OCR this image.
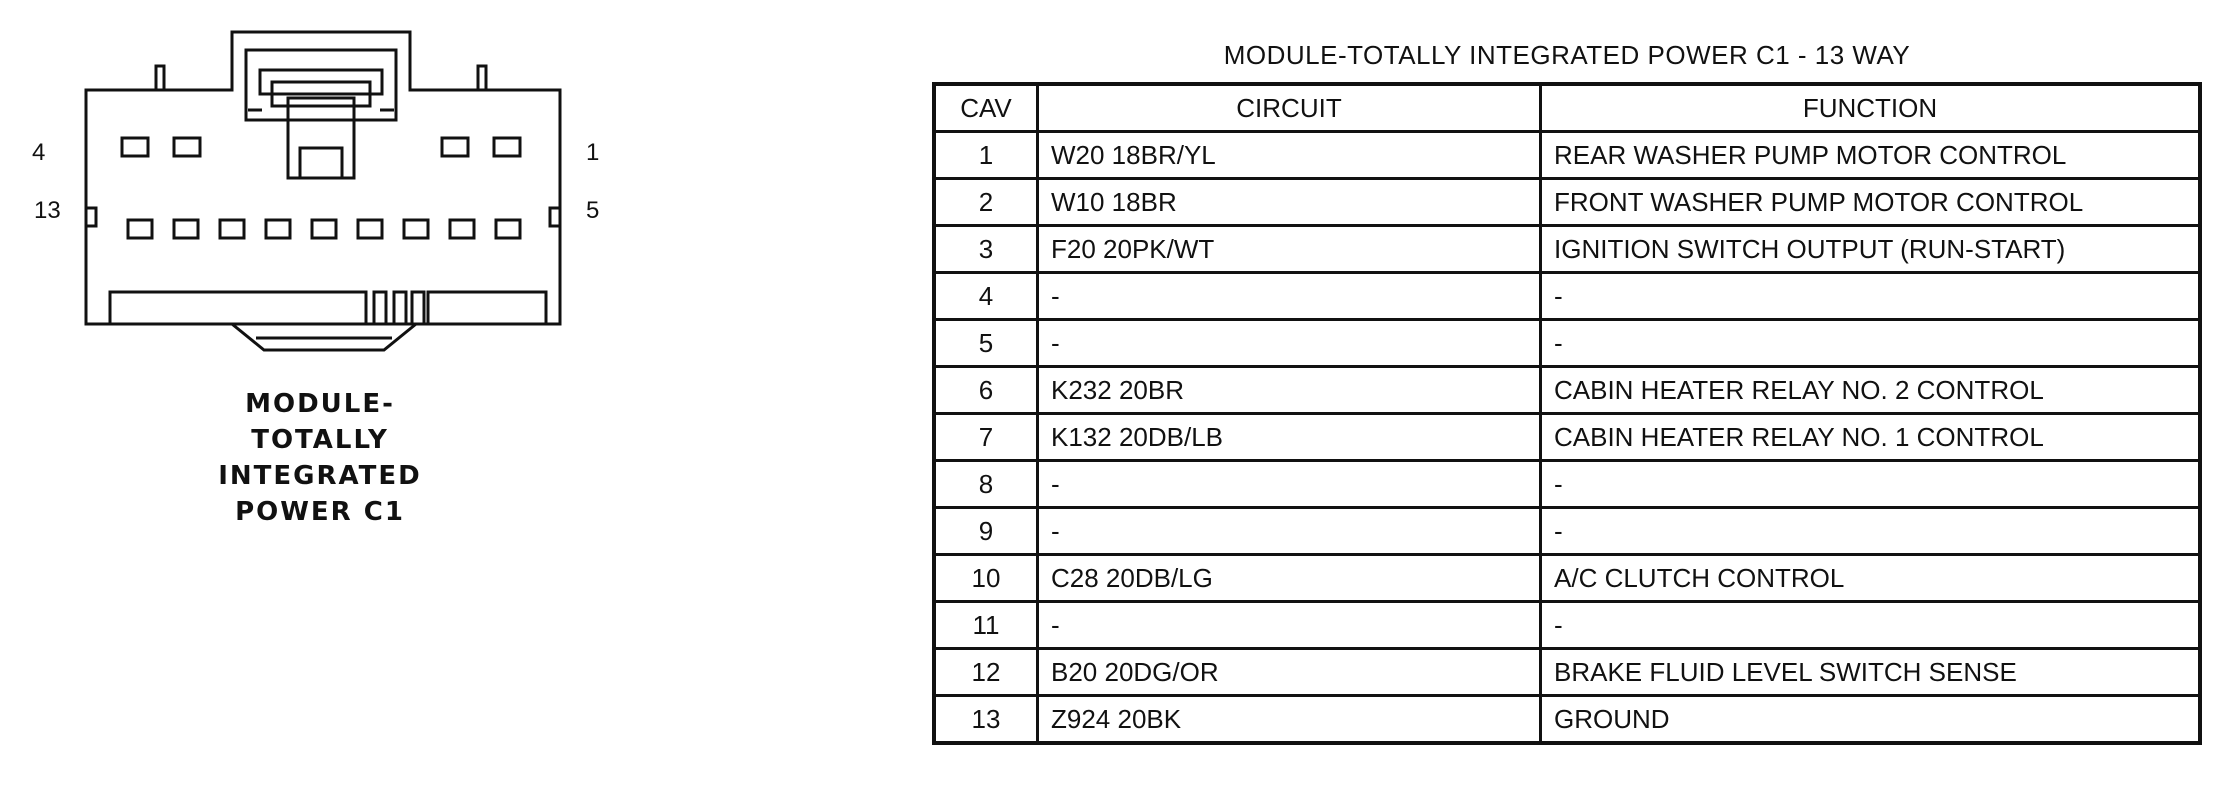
4
13
1
5
MODULE-
TOTALLY
INTEGRATED
POWER C1
MODULE-TOTALLY INTEGRATED POWER C1 - 13 WAY
CAV	CIRCUIT	FUNCTION
1	W20 18BR/YL	REAR WASHER PUMP MOTOR CONTROL
2	W10 18BR	FRONT WASHER PUMP MOTOR CONTROL
3	F20 20PK/WT	IGNITION SWITCH OUTPUT (RUN-START)
4	-	-
5	-	-
6	K232 20BR	CABIN HEATER RELAY NO. 2 CONTROL
7	K132 20DB/LB	CABIN HEATER RELAY NO. 1 CONTROL
8	-	-
9	-	-
10	C28 20DB/LG	A/C CLUTCH CONTROL
11	-	-
12	B20 20DG/OR	BRAKE FLUID LEVEL SWITCH SENSE
13	Z924 20BK	GROUND
